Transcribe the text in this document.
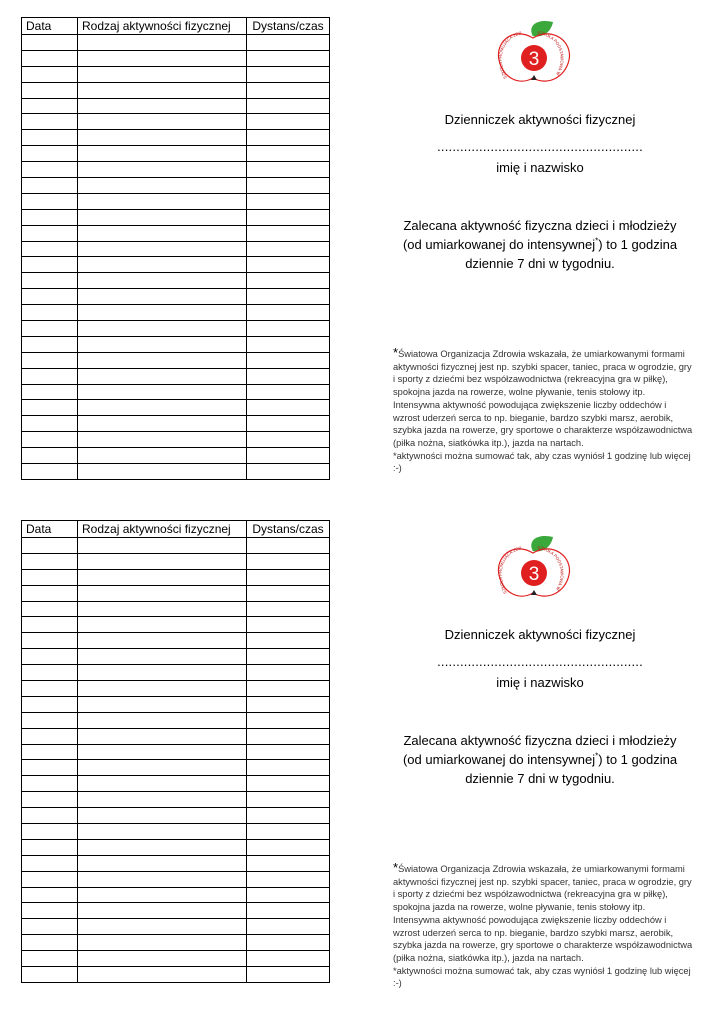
Data	Rodzaj aktywności fizycznej	Dystans/czas

3
SZKOŁA PROMUJĄCA ZDR	SZKOŁA PODSTAWOWA W
Dzienniczek aktywności fizycznej
......................................................
imię i nazwisko
Zalecana aktywność fizyczna dzieci i młodzieży
(od umiarkowanej do intensywnej*) to 1 godzina
dziennie 7 dni w tygodniu.

*Światowa Organizacja Zdrowia wskazała, że umiarkowanymi formami aktywności fizycznej jest np. szybki spacer, taniec, praca w ogrodzie, gry i sporty z dziećmi bez współzawodnictwa (rekreacyjna gra w piłkę), spokojna jazda na rowerze, wolne pływanie, tenis stołowy itp. Intensywna aktywność powodująca zwiększenie liczby oddechów i wzrost uderzeń serca to np. bieganie, bardzo szybki marsz, aerobik, szybka jazda na rowerze, gry sportowe o charakterze współzawodnictwa (piłka nożna, siatkówka itp.), jazda na nartach.

*aktywności można sumować tak, aby czas wyniósł 1 godzinę lub więcej :-)

Data	Rodzaj aktywności fizycznej	Dystans/czas

3
SZKOŁA PROMUJĄCA ZDR	SZKOŁA PODSTAWOWA W
Dzienniczek aktywności fizycznej
......................................................
imię i nazwisko
Zalecana aktywność fizyczna dzieci i młodzieży
(od umiarkowanej do intensywnej*) to 1 godzina
dziennie 7 dni w tygodniu.

*Światowa Organizacja Zdrowia wskazała, że umiarkowanymi formami aktywności fizycznej jest np. szybki spacer, taniec, praca w ogrodzie, gry i sporty z dziećmi bez współzawodnictwa (rekreacyjna gra w piłkę), spokojna jazda na rowerze, wolne pływanie, tenis stołowy itp. Intensywna aktywność powodująca zwiększenie liczby oddechów i wzrost uderzeń serca to np. bieganie, bardzo szybki marsz, aerobik, szybka jazda na rowerze, gry sportowe o charakterze współzawodnictwa (piłka nożna, siatkówka itp.), jazda na nartach.

*aktywności można sumować tak, aby czas wyniósł 1 godzinę lub więcej :-)
